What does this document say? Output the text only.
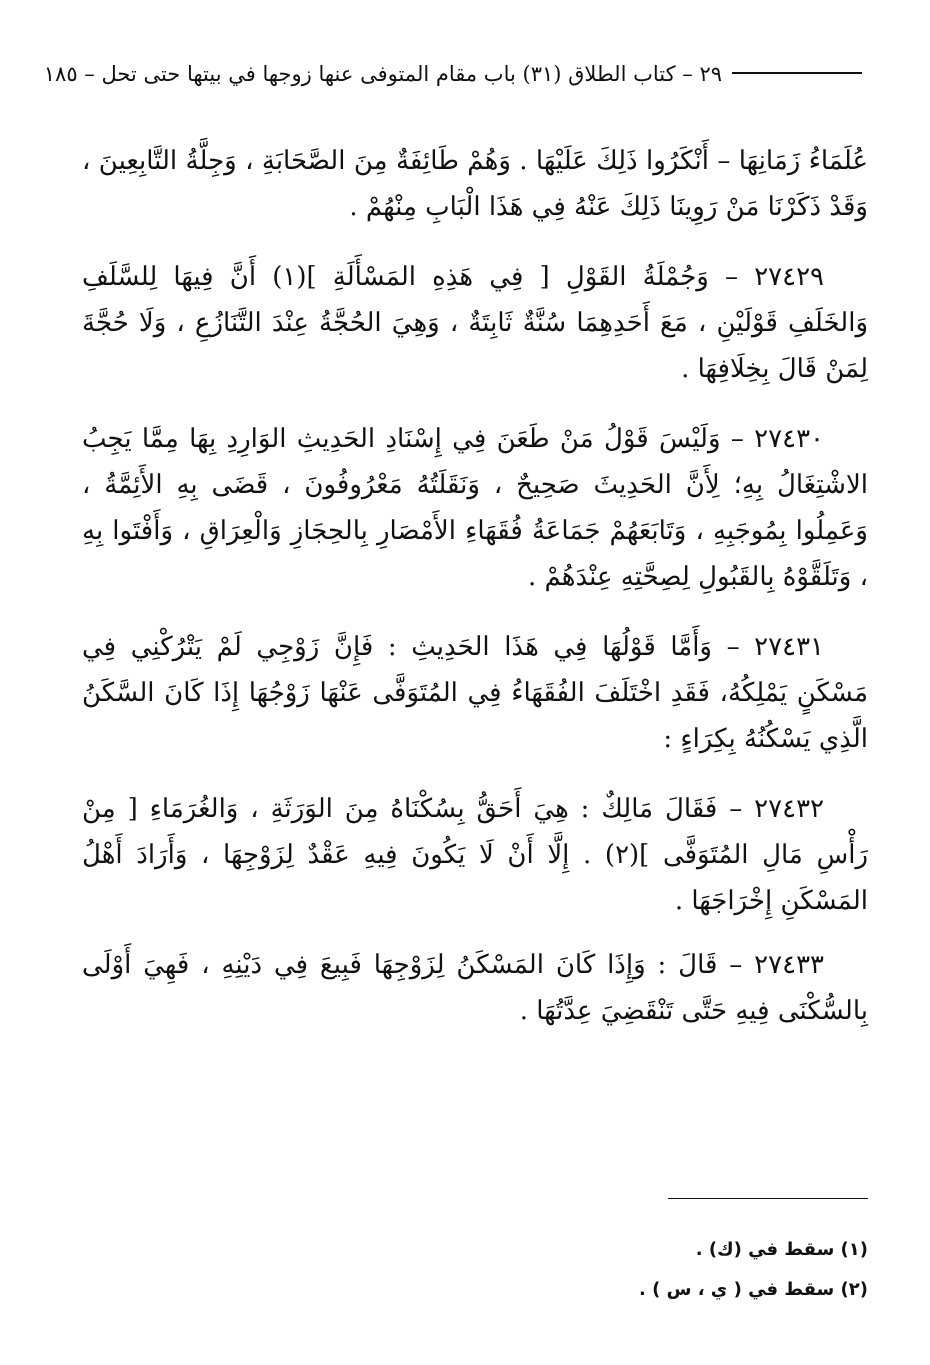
٢٩ – كتاب الطلاق (٣١) باب مقام المتوفى عنها زوجها في بيتها حتى تحل – ١٨٥

عُلَمَاءُ زَمَانِهَا – أَنْكَرُوا ذَلِكَ عَلَيْهَا . وَهُمْ طَائِفَةٌ مِنَ الصَّحَابَةِ ، وَجِلَّةُ التَّابِعِينَ ، وَقَدْ ذَكَرْنَا مَنْ رَوِينَا ذَلِكَ عَنْهُ فِي هَذَا الْبَابِ مِنْهُمْ .

٢٧٤٢٩ – وَجُمْلَةُ القَوْلِ [ فِي هَذِهِ المَسْأَلَةِ ](١) أَنَّ فِيهَا لِلسَّلَفِ وَالخَلَفِ قَوْلَيْنِ ، مَعَ أَحَدِهِمَا سُنَّةٌ ثَابِتَةٌ ، وَهِيَ الحُجَّةُ عِنْدَ التَّنَازُعِ ، وَلَا حُجَّةَ لِمَنْ قَالَ بِخِلَافِهَا .

٢٧٤٣٠ – وَلَيْسَ قَوْلُ مَنْ طَعَنَ فِي إِسْنَادِ الحَدِيثِ الوَارِدِ بِهَا مِمَّا يَجِبُ الاشْتِغَالُ بِهِ؛ لِأَنَّ الحَدِيثَ صَحِيحٌ ، وَنَقَلَتُهُ مَعْرُوفُونَ ، قَضَى بِهِ الأَئِمَّةُ ، وَعَمِلُوا بِمُوجَبِهِ ، وَتَابَعَهُمْ جَمَاعَةُ فُقَهَاءِ الأَمْصَارِ بِالحِجَازِ وَالْعِرَاقِ ، وَأَفْتَوا بِهِ ، وَتَلَقَّوْهُ بِالقَبُولِ لِصِحَّتِهِ عِنْدَهُمْ .

٢٧٤٣١ – وَأَمَّا قَوْلُهَا فِي هَذَا الحَدِيثِ : فَإِنَّ زَوْجِي لَمْ يَتْرُكْنِي فِي مَسْكَنٍ يَمْلِكُهُ، فَقَدِ اخْتَلَفَ الفُقَهَاءُ فِي المُتَوَفَّى عَنْهَا زَوْجُهَا إِذَا كَانَ السَّكَنُ الَّذِي يَسْكُنُهُ بِكِرَاءٍ :

٢٧٤٣٢ – فَقَالَ مَالِكٌ : هِيَ أَحَقُّ بِسُكْنَاهُ مِنَ الوَرَثَةِ ، وَالغُرَمَاءِ [ مِنْ رَأْسِ مَالِ المُتَوَفَّى ](٢) . إِلَّا أَنْ لَا يَكُونَ فِيهِ عَقْدٌ لِزَوْجِهَا ، وَأَرَادَ أَهْلُ المَسْكَنِ إِخْرَاجَهَا .

٢٧٤٣٣ – قَالَ : وَإِذَا كَانَ المَسْكَنُ لِزَوْجِهَا فَبِيعَ فِي دَيْنِهِ ، فَهِيَ أَوْلَى بِالسُّكْنَى فِيهِ حَتَّى تَنْقَضِيَ عِدَّتُهَا .

(١) سقط في (ك) .
(٢) سقط في ( ي ، س ) .
